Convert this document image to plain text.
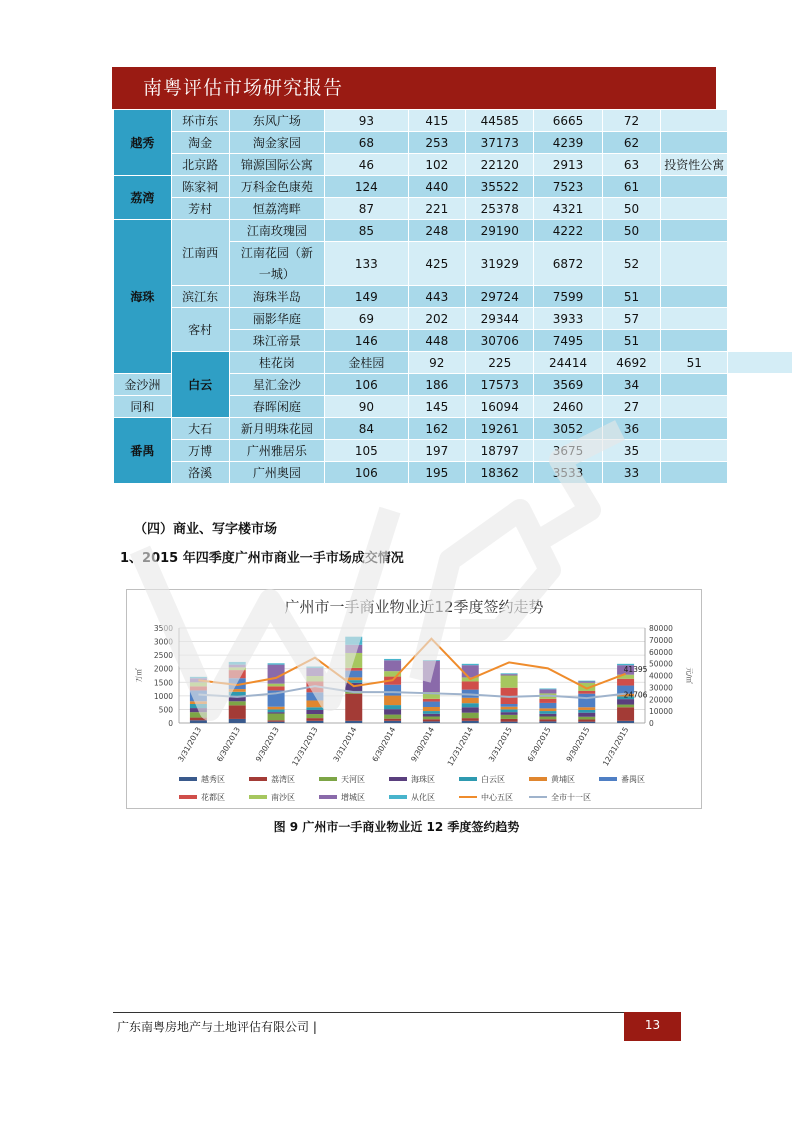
南粤评估市场研究报告
越秀	环市东	东风广场	93	415	44585	6665	72		
	淘金	淘金家园	68	253	37173	4239	62		
	北京路	锦源国际公寓	46	102	22120	2913	63	投资性公寓	
荔湾	陈家祠	万科金色康苑	124	440	35522	7523	61		
	芳村	恒荔湾畔	87	221	25378	4321	50		
海珠	江南西	江南玫瑰园	85	248	29190	4222	50		
		江南花园（新一城）	133	425	31929	6872	52		
	滨江东	海珠半岛	149	443	29724	7599	51		
	客村	丽影华庭	69	202	29344	3933	57		
		珠江帝景	146	448	30706	7495	51		
	白云	桂花岗	金桂园	92	225	24414	4692	51	
金沙洲		星汇金沙	106	186	17573	3569	34		
同和		春晖闲庭	90	145	16094	2460	27		
番禺	大石	新月明珠花园	84	162	19261	3052	36		
	万博	广州雅居乐	105	197	18797	3675	35		
	洛溪	广州奥园	106	195	18362	3533	33		
（四）商业、写字楼市场
1、2015 年四季度广州市商业一手市场成交情况
广州市一手商业物业近12季度签约走势
0
500
1000
1500
2000
2500
3000
3500
0
10000
20000
30000
40000
50000
60000
70000
80000
万㎡	元/㎡
41395
24706
3/31/2013 6/30/2013 9/30/2013 12/31/2013 3/31/2014 6/30/2014 9/30/2014 12/31/2014 3/31/2015 6/30/2015 9/30/2015 12/31/2015
越秀区	荔湾区	天河区	海珠区	白云区	黄埔区	番禺区
花都区	南沙区	增城区	从化区	中心五区	全市十一区
图 9 广州市一手商业物业近 12 季度签约趋势
广东南粤房地产与土地评估有限公司 |	13
